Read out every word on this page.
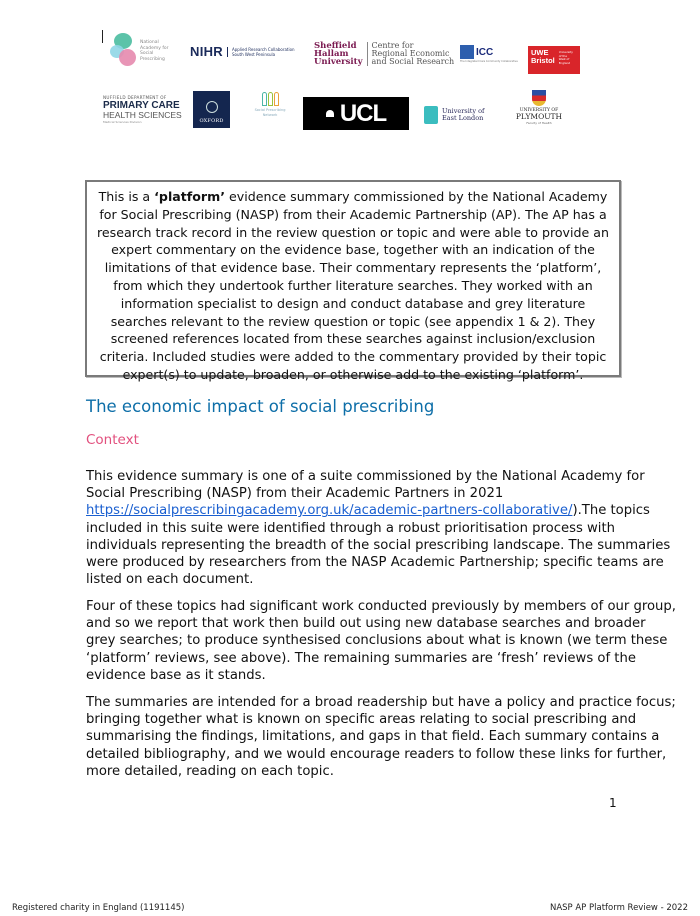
National Academy for Social Prescribing	NIHR Applied Research Collaboration South West Peninsula
Sheffield
Hallam
University
Centre for
Regional Economic
and Social Research
ICC
The Integrated Care Community Collaborative
UWE
Bristol
University of the West of England
NUFFIELD DEPARTMENT OF
PRIMARY CARE
HEALTH SCIENCES
Medical Sciences Division	OXFORD
Social Prescribing Network	UCL	University of
East London
UNIVERSITY OF
PLYMOUTH
Faculty of Health
This is a ‘platform’ evidence summary commissioned by the National Academy for Social Prescribing (NASP) from their Academic Partnership (AP). The AP has a research track record in the review question or topic and were able to provide an expert commentary on the evidence base, together with an indication of the limitations of that evidence base. Their commentary represents the ‘platform’, from which they undertook further literature searches. They worked with an information specialist to design and conduct database and grey literature searches relevant to the review question or topic (see appendix 1 & 2). They screened references located from these searches against inclusion/exclusion criteria. Included studies were added to the commentary provided by their topic expert(s) to update, broaden, or otherwise add to the existing ‘platform’.
The economic impact of social prescribing
Context

This evidence summary is one of a suite commissioned by the National Academy for Social Prescribing (NASP) from their Academic Partners in 2021 https://socialprescribingacademy.org.uk/academic-partners-collaborative/).The topics included in this suite were identified through a robust prioritisation process with individuals representing the breadth of the social prescribing landscape. The summaries were produced by researchers from the NASP Academic Partnership; specific teams are listed on each document.

Four of these topics had significant work conducted previously by members of our group, and so we report that work then build out using new database searches and broader grey searches; to produce synthesised conclusions about what is known (we term these ‘platform’ reviews, see above). The remaining summaries are ‘fresh’ reviews of the evidence base as it stands.

The summaries are intended for a broad readership but have a policy and practice focus; bringing together what is known on specific areas relating to social prescribing and summarising the findings, limitations, and gaps in that field. Each summary contains a detailed bibliography, and we would encourage readers to follow these links for further, more detailed, reading on each topic.

1
Registered charity in England (1191145)	NASP AP Platform Review - 2022
